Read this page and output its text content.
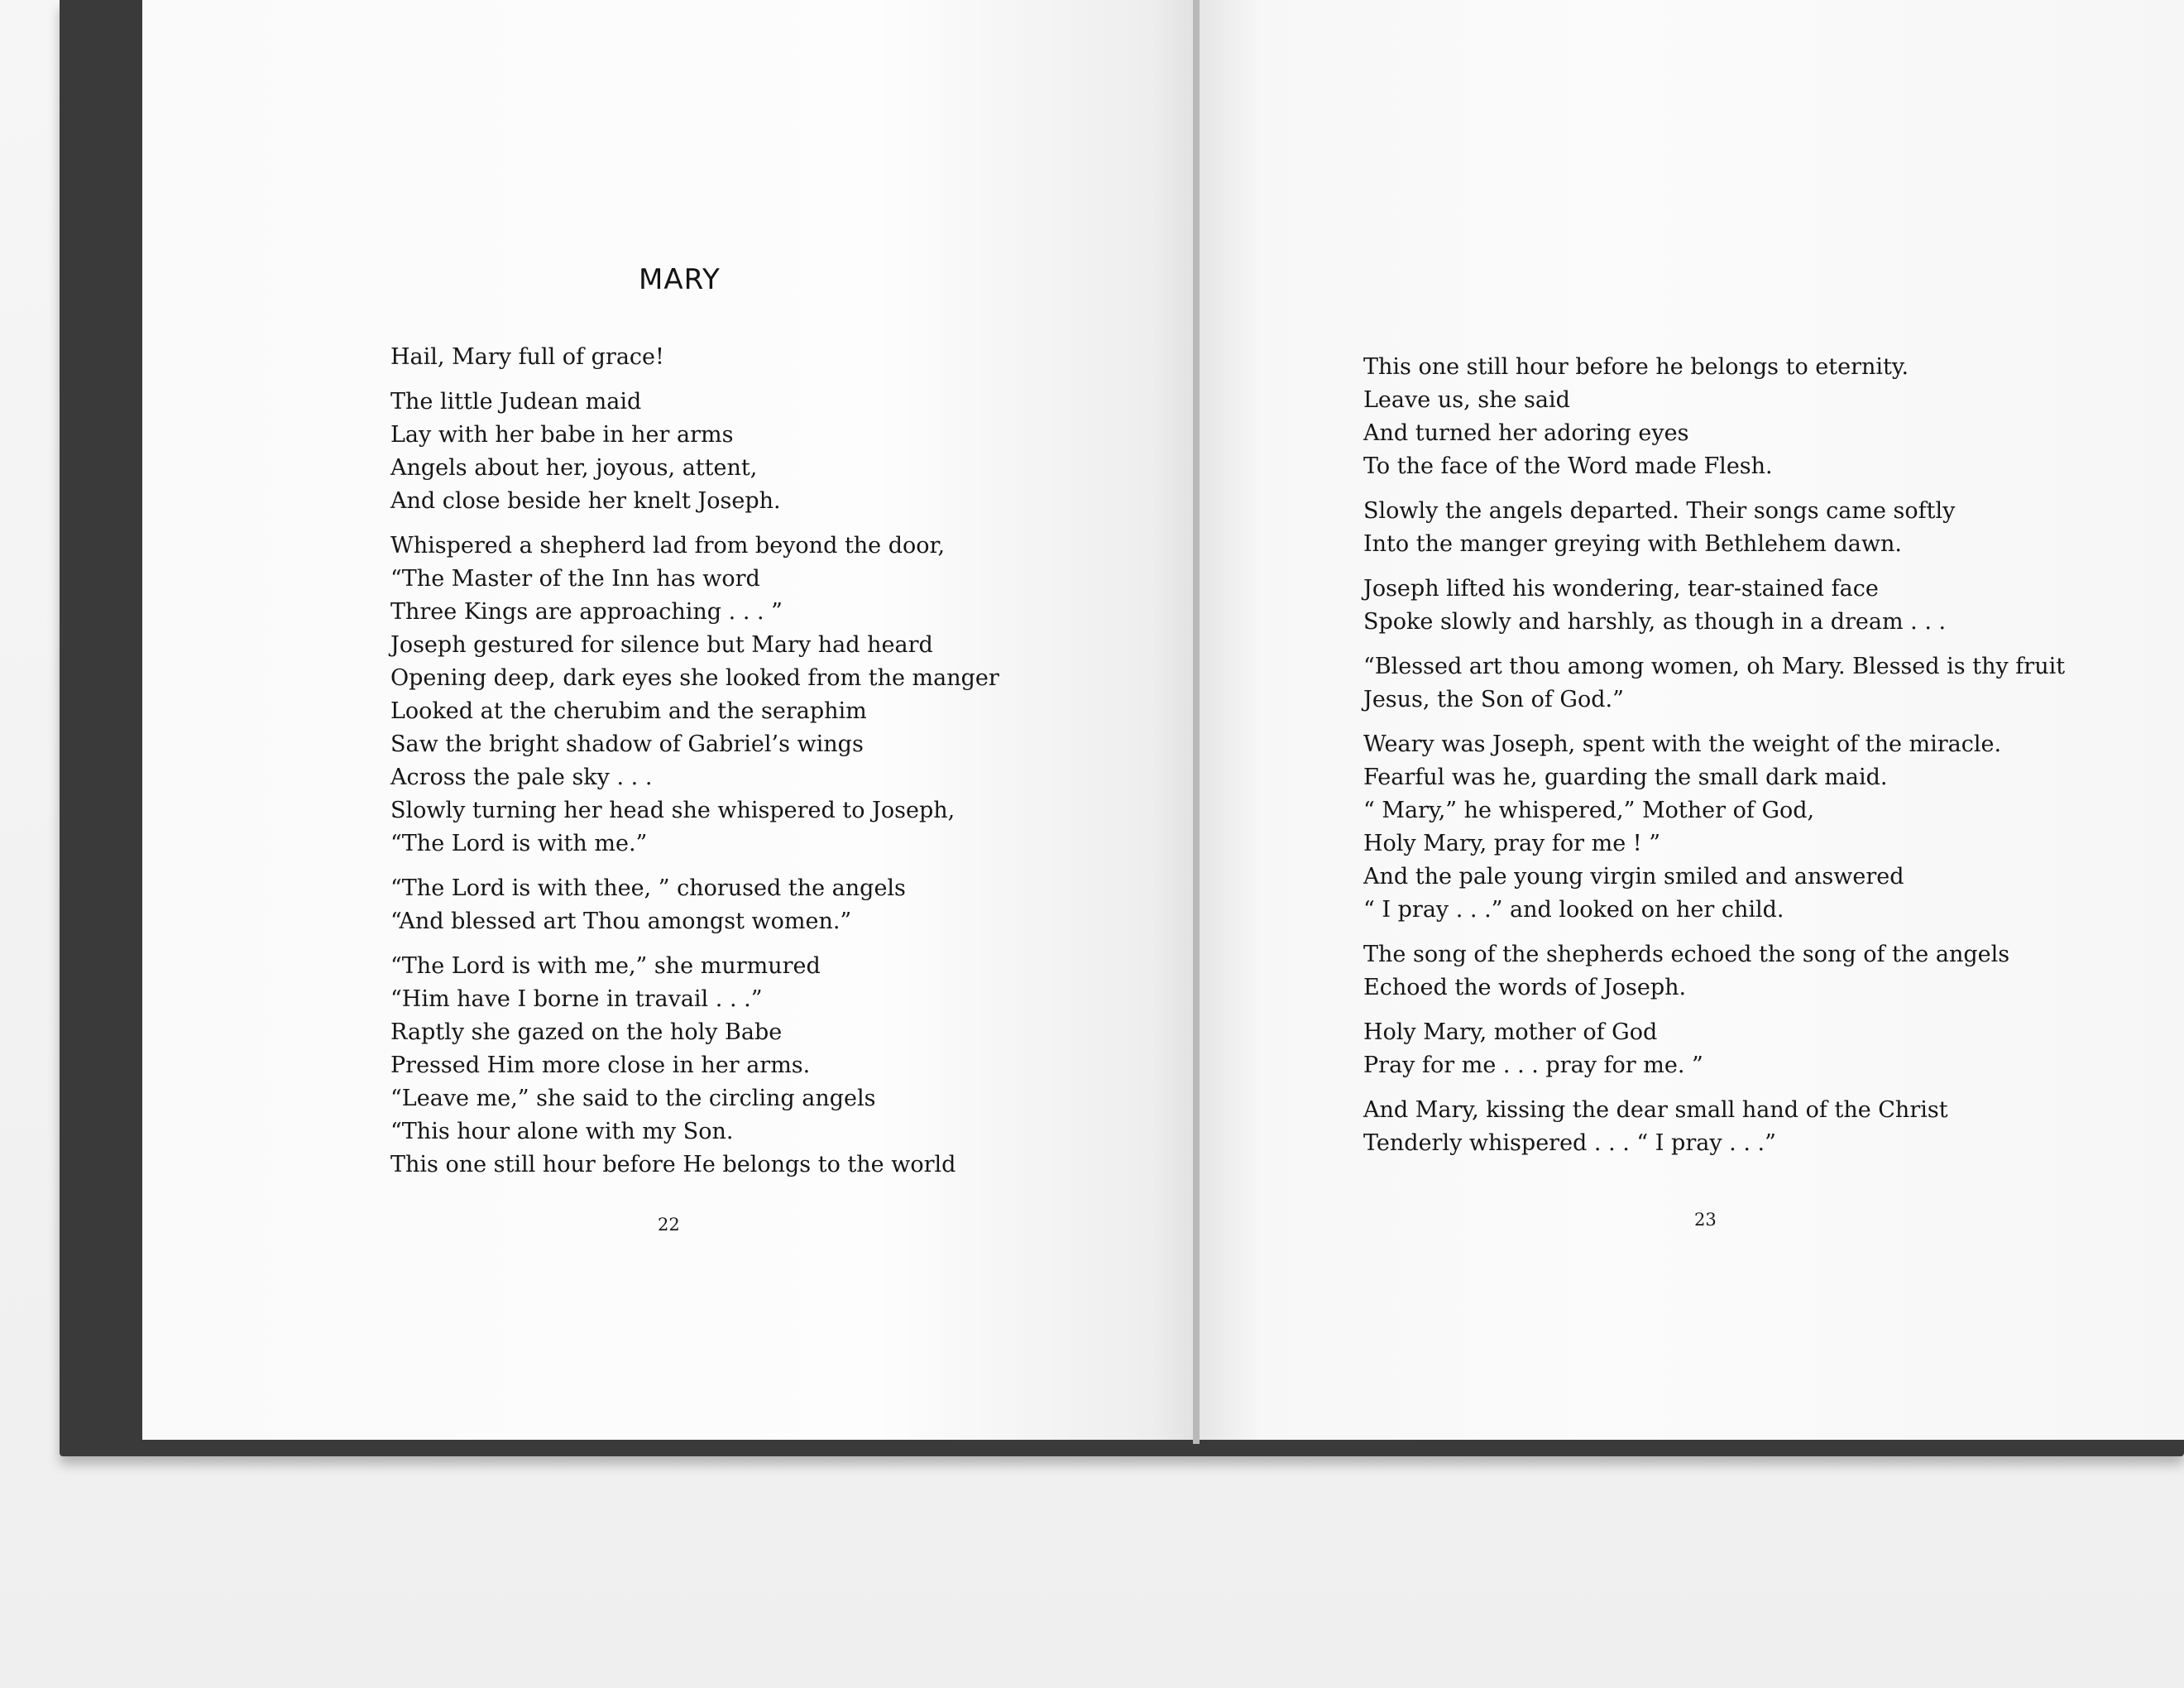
MARY
Hail, Mary full of grace!
The little Judean maid
Lay with her babe in her arms
Angels about her, joyous, attent,
And close beside her knelt Joseph.
Whispered a shepherd lad from beyond the door,
“The Master of the Inn has word
Three Kings are approaching . . . ”
Joseph gestured for silence but Mary had heard
Opening deep, dark eyes she looked from the manger
Looked at the cherubim and the seraphim
Saw the bright shadow of Gabriel’s wings
Across the pale sky . . .
Slowly turning her head she whispered to Joseph,
“The Lord is with me.”
“The Lord is with thee, ” chorused the angels
“And blessed art Thou amongst women.”
“The Lord is with me,” she murmured
“Him have I borne in travail . . .”
Raptly she gazed on the holy Babe
Pressed Him more close in her arms.
“Leave me,” she said to the circling angels
“This hour alone with my Son.
This one still hour before He belongs to the world
22
This one still hour before he belongs to eternity.
Leave us, she said
And turned her adoring eyes
To the face of the Word made Flesh.
Slowly the angels departed. Their songs came softly
Into the manger greying with Bethlehem dawn.
Joseph lifted his wondering, tear-stained face
Spoke slowly and harshly, as though in a dream . . .
“Blessed art thou among women, oh Mary. Blessed is thy fruit
Jesus, the Son of God.”
Weary was Joseph, spent with the weight of the miracle.
Fearful was he, guarding the small dark maid.
“ Mary,” he whispered,” Mother of God,
Holy Mary, pray for me ! ”
And the pale young virgin smiled and answered
“ I pray . . .” and looked on her child.
The song of the shepherds echoed the song of the angels
Echoed the words of Joseph.
Holy Mary, mother of God
Pray for me . . . pray for me. ”
And Mary, kissing the dear small hand of the Christ
Tenderly whispered . . . “ I pray . . .”
23
